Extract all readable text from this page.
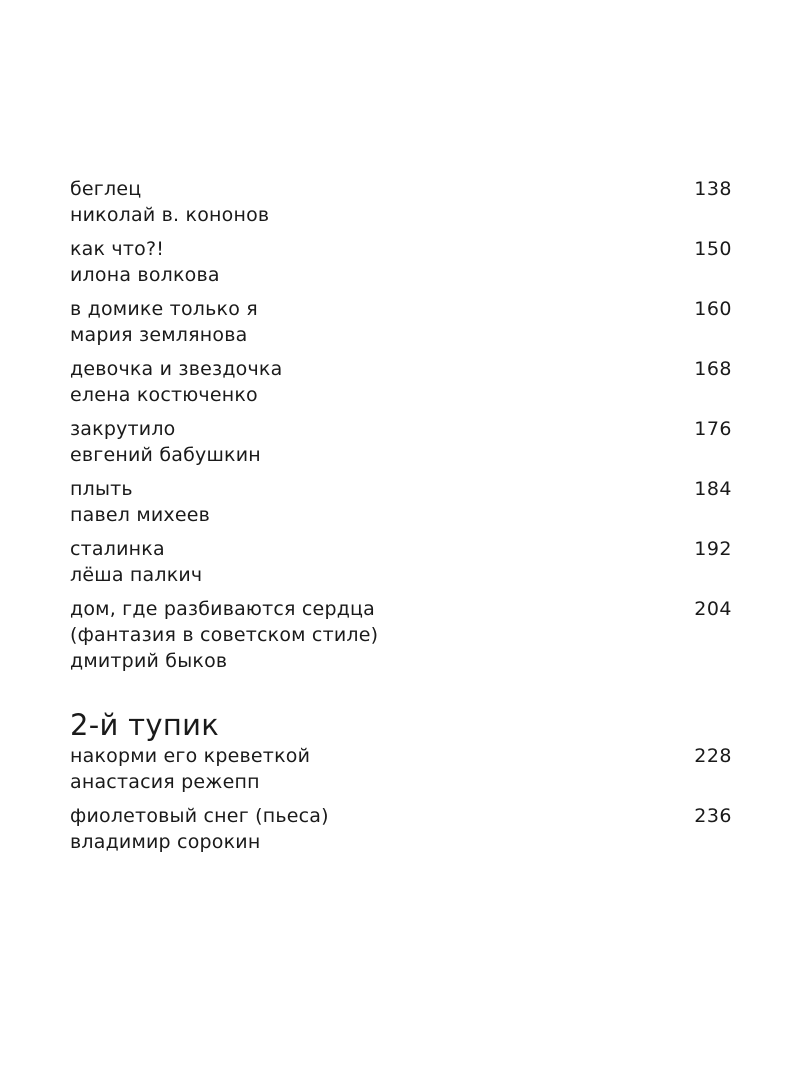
беглец
николай в. кононов
138
как что?!
илона волкова
150
в домике только я
мария землянова
160
девочка и звездочка
елена костюченко
168
закрутило
евгений бабушкин
176
плыть
павел михеев
184
сталинка
лёша палкич
192
дом, где разбиваются сердца
(фантазия в советском стиле)
дмитрий быков
204
2-й тупик
накорми его креветкой
анастасия режепп
228
фиолетовый снег (пьеса)
владимир сорокин
236
